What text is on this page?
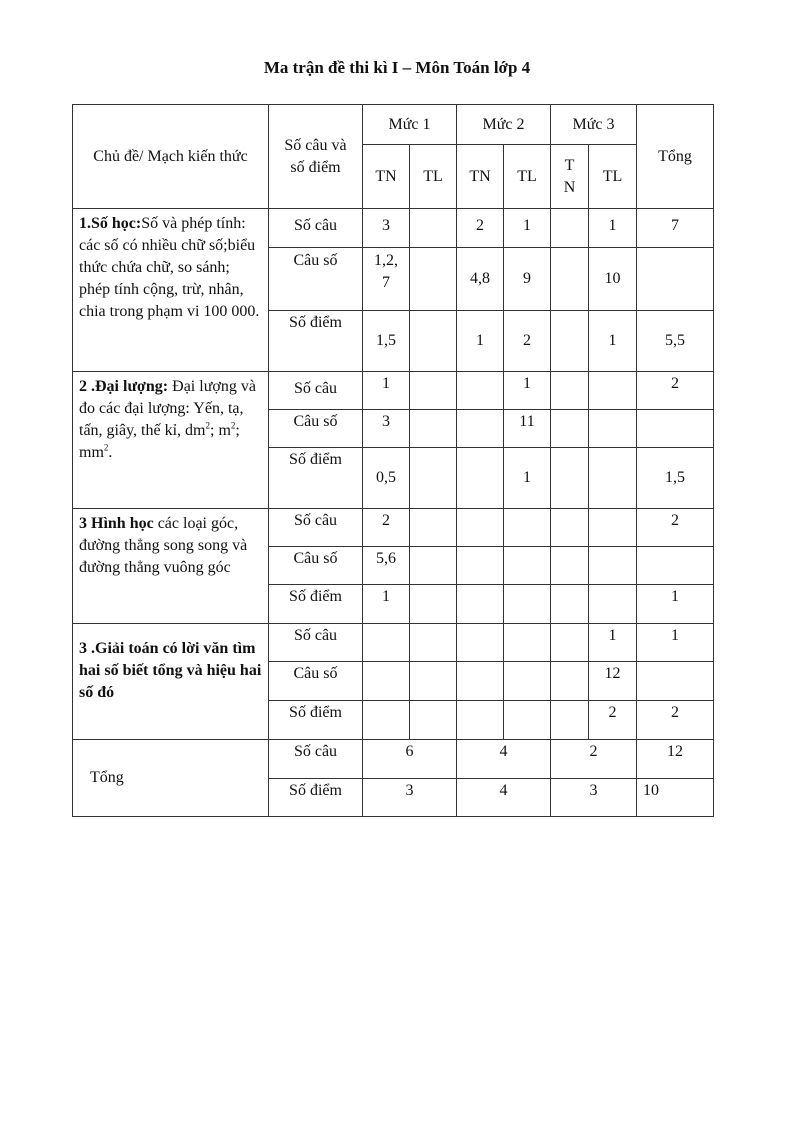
Ma trận đề thi kì I – Môn Toán lớp 4
Chủ đề/ Mạch kiến thức	Số câu và số điểm	Mức 1		Mức 2		Mức 3		Tổng
		TN	TL	TN	TL	T N	TL	

1.Số học:Số và phép tính: các số có nhiều chữ số;biểu thức chứa chữ, so sánh; phép tính cộng, trừ, nhân, chia trong phạm vi 100 000.	Số câu	3		2	1		1	7
	Câu số	1,2, 7		4,8	9		10	
	Số điểm	1,5		1	2		1	5,5

2 .Đại lượng: Đại lượng và đo các đại lượng: Yến, tạ, tấn, giây, thế kỉ, $dm^2$; $m^2$; $mm^2$.	Số câu	1			1			2
	Câu số	3			11			
	Số điểm	0,5			1			1,5

3 Hình học các loại góc, đường thẳng song song và đường thẳng vuông góc	Số câu	2						2
	Câu số	5,6						
	Số điểm	1						1

3 .Giải toán có lời văn tìm hai số biết tổng và hiệu hai số đó	Số câu						1	1
	Câu số						12	
	Số điểm						2	2
Tổng	Số câu	6		4		2		12
	Số điểm	3		4		3		10
